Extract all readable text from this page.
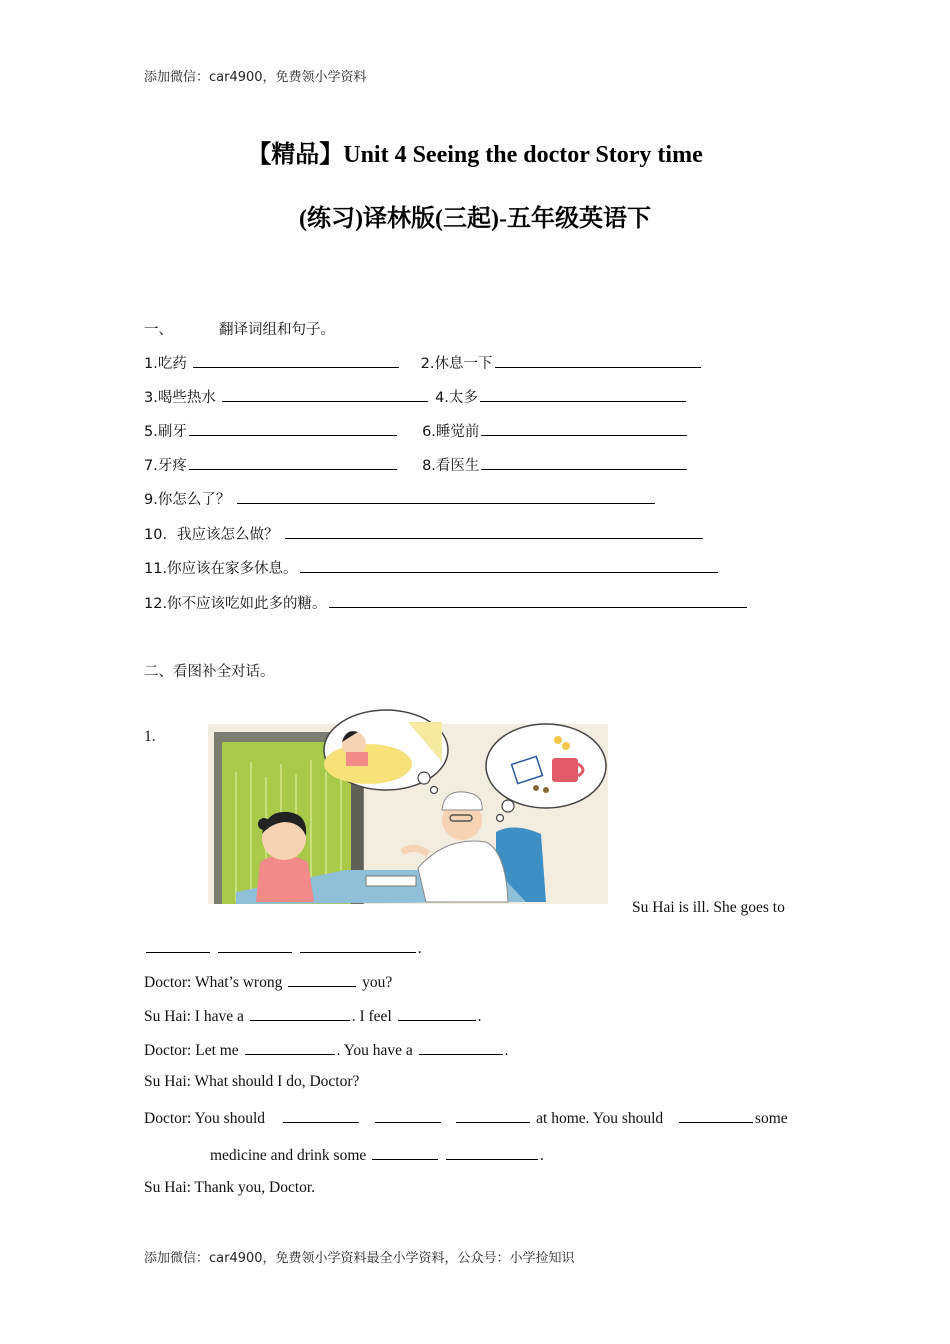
添加微信：car4900，免费领小学资料
【精品】Unit 4 Seeing the doctor Story time
(练习)译林版(三起)-五年级英语下
一、	翻译词组和句子。
1.吃药	2.休息一下
3.喝些热水	4.太多
5.刷牙	6.睡觉前
7.牙疼	8.看医生
9.你怎么了？
10．我应该怎么做？
11.你应该在家多休息。
12.你不应该吃如此多的糖。
二、看图补全对话。
1.
Su Hai is ill. She goes to
.
Doctor: What’s wrong	you?
Su Hai: I have a	. I feel	.
Doctor: Let me	. You have a	.
Su Hai: What should I do, Doctor?
Doctor: You should	at home. You should	some
medicine and drink some	.
Su Hai: Thank you, Doctor.
添加微信：car4900，免费领小学资料最全小学资料，公众号：小学捡知识
